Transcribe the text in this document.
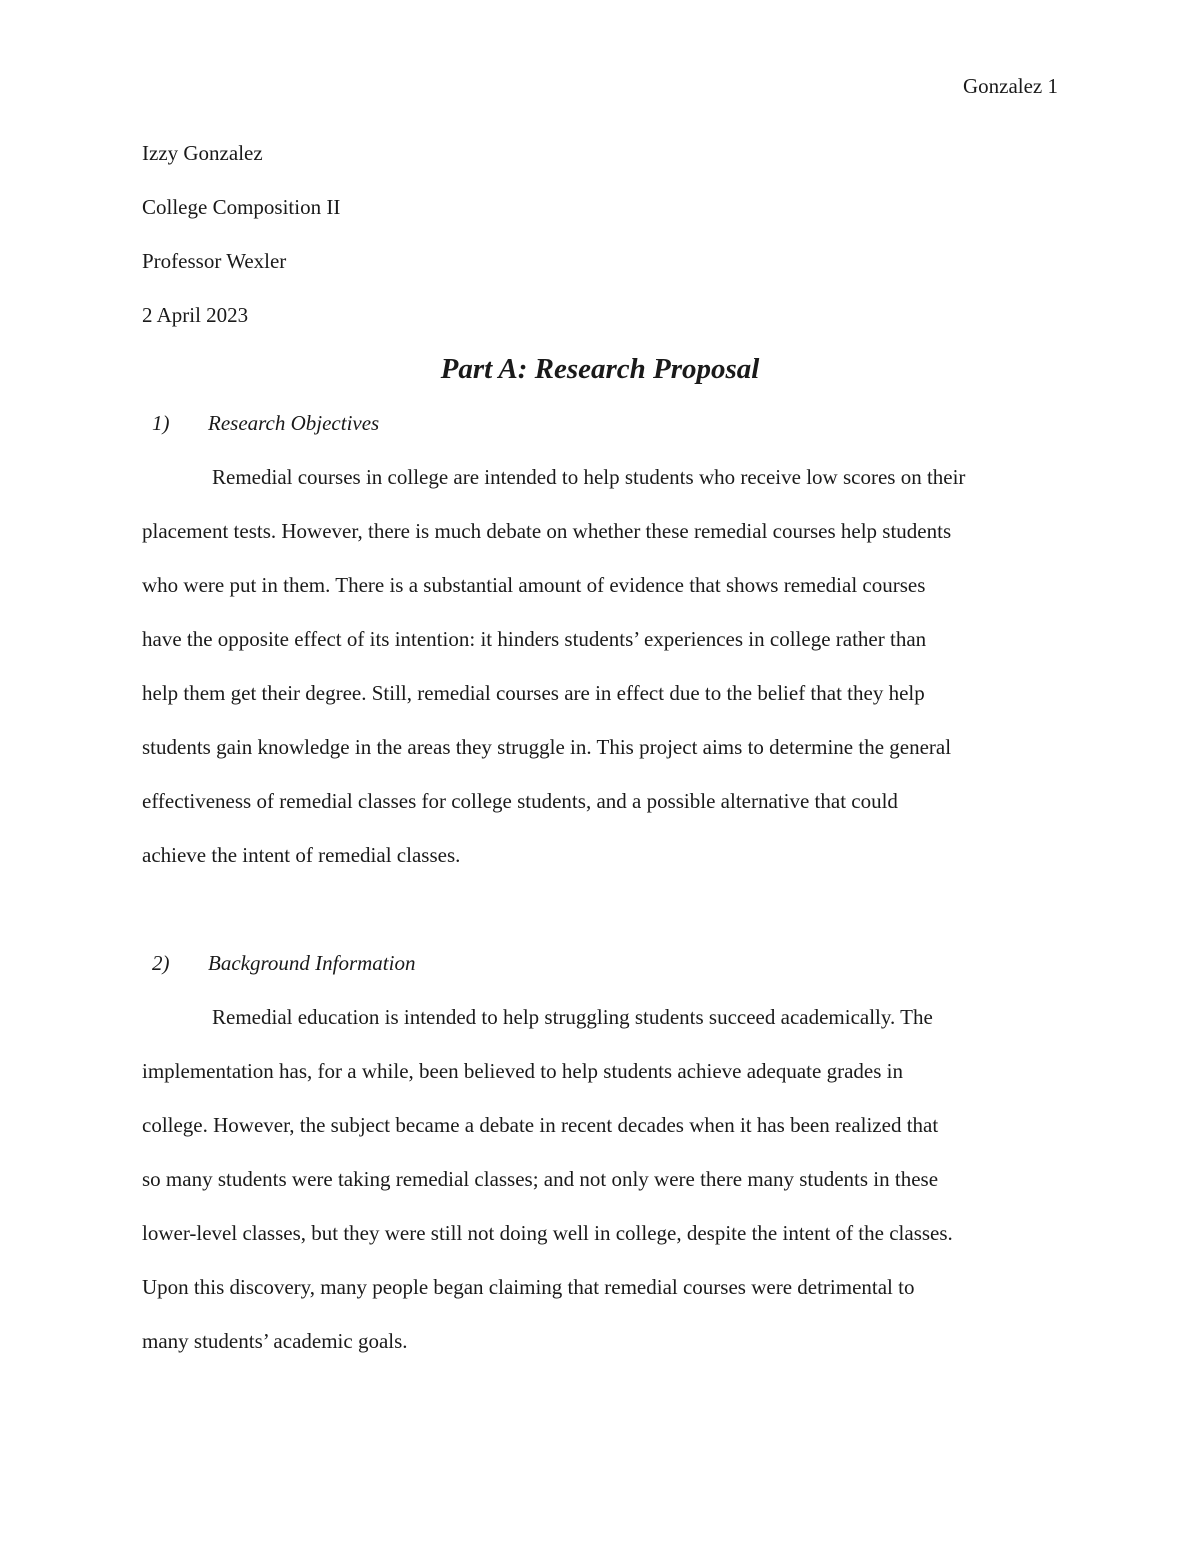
Gonzalez 1

Izzy Gonzalez

College Composition II

Professor Wexler

2 April 2023

Part A: Research Proposal

1) Research Objectives

Remedial courses in college are intended to help students who receive low scores on their
placement tests. However, there is much debate on whether these remedial courses help students
who were put in them. There is a substantial amount of evidence that shows remedial courses
have the opposite effect of its intention: it hinders students’ experiences in college rather than
help them get their degree. Still, remedial courses are in effect due to the belief that they help
students gain knowledge in the areas they struggle in. This project aims to determine the general
effectiveness of remedial classes for college students, and a possible alternative that could
achieve the intent of remedial classes.

2) Background Information

Remedial education is intended to help struggling students succeed academically. The
implementation has, for a while, been believed to help students achieve adequate grades in
college. However, the subject became a debate in recent decades when it has been realized that
so many students were taking remedial classes; and not only were there many students in these
lower-level classes, but they were still not doing well in college, despite the intent of the classes.
Upon this discovery, many people began claiming that remedial courses were detrimental to
many students’ academic goals.
